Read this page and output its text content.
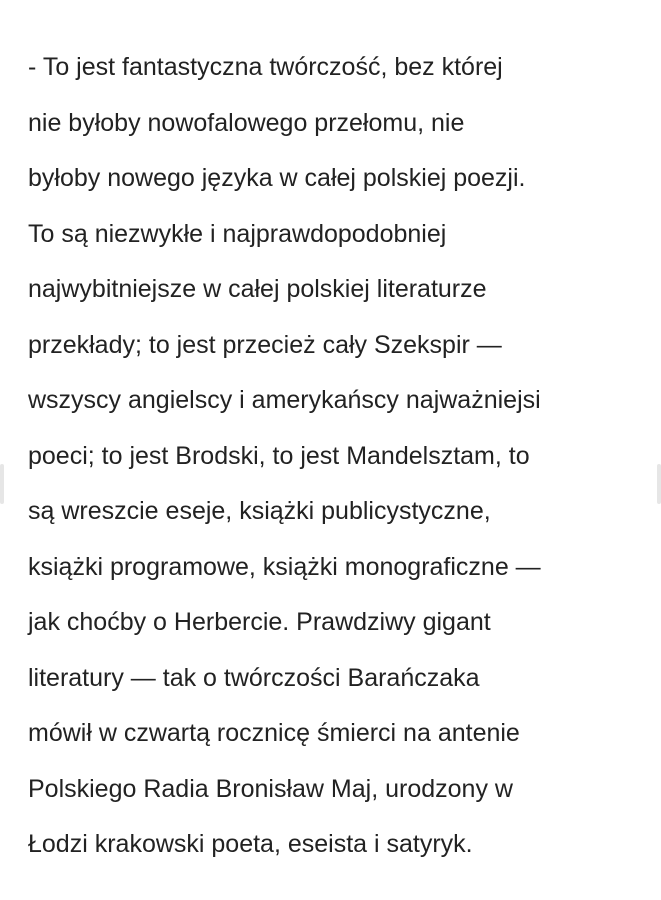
- To jest fantastyczna twórczość, bez której
nie byłoby nowofalowego przełomu, nie
byłoby nowego języka w całej polskiej poezji.
To są niezwykłe i najprawdopodobniej
najwybitniejsze w całej polskiej literaturze
przekłady; to jest przecież cały Szekspir —
wszyscy angielscy i amerykańscy najważniejsi
poeci; to jest Brodski, to jest Mandelsztam, to
są wreszcie eseje, książki publicystyczne,
książki programowe, książki monograficzne —
jak choćby o Herbercie. Prawdziwy gigant
literatury — tak o twórczości Barańczaka
mówił w czwartą rocznicę śmierci na antenie
Polskiego Radia Bronisław Maj, urodzony w
Łodzi krakowski poeta, eseista i satyryk.
